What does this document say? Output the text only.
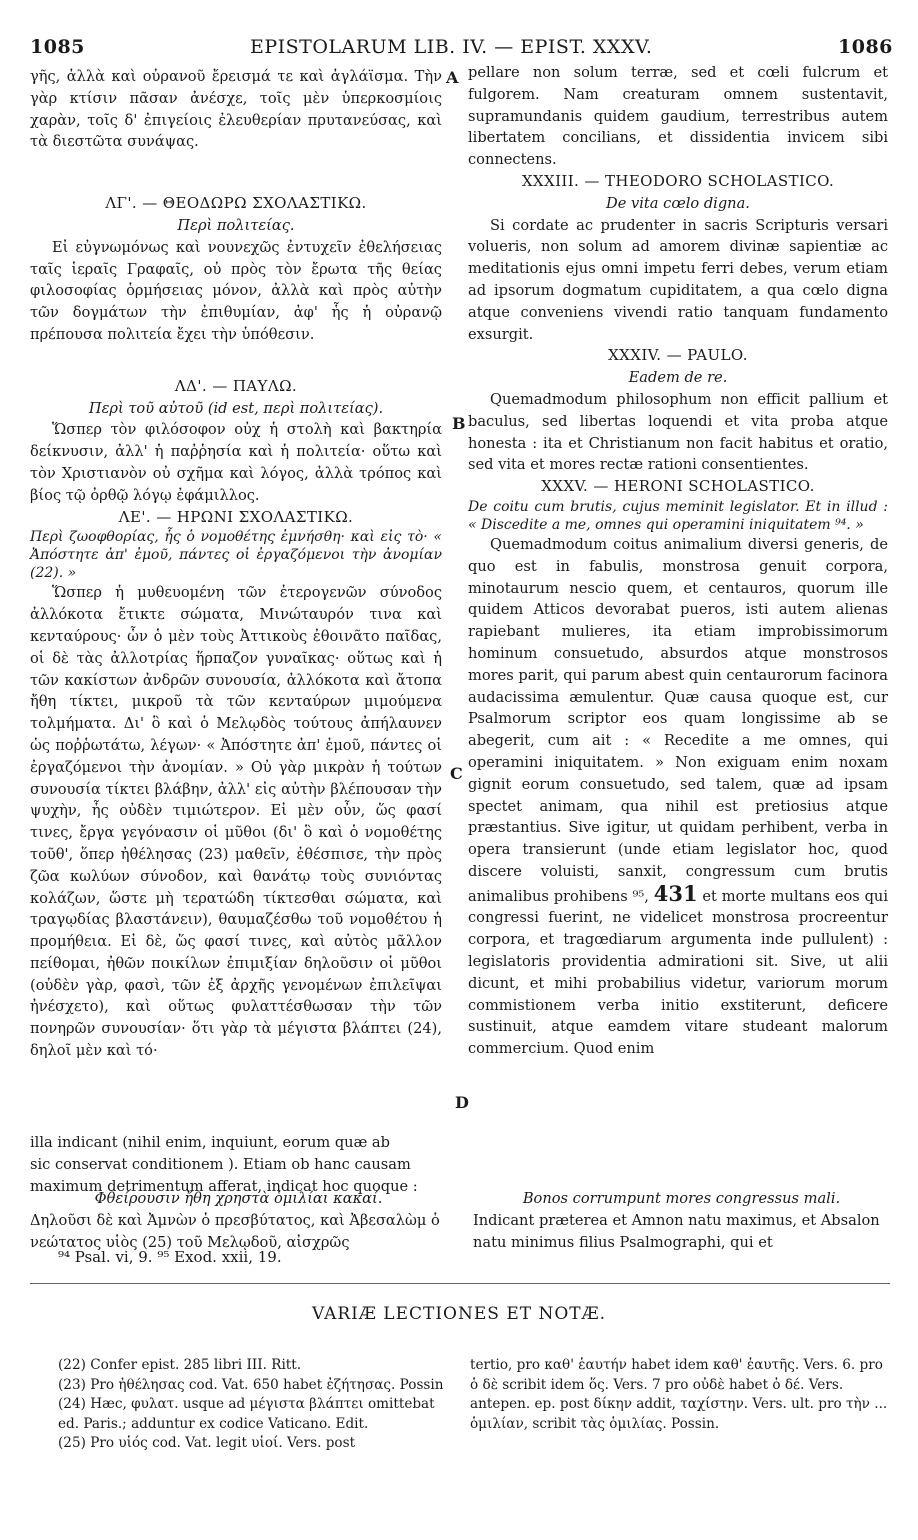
1085	EPISTOLARUM LIB. IV. — EPIST. XXXV.	1086
γῆς, ἀλλὰ καὶ οὐρανοῦ ἔρεισμά τε καὶ ἀγλάϊσμα. Τὴν γὰρ κτίσιν πᾶσαν ἀνέσχε, τοῖς μὲν ὑπερκοσμίοις χαρὰν, τοῖς δ' ἐπιγείοις ἐλευθερίαν πρυτανεύσας, καὶ τὰ διεστῶτα συνάψας.
ΛΓ'. — ΘΕΟΔΩΡΩ ΣΧΟΛΑΣΤΙΚΩ.
Περὶ πολιτείας.
Εἰ εὐγνωμόνως καὶ νουνεχῶς ἐντυχεῖν ἐθελήσειας ταῖς ἱεραῖς Γραφαῖς, οὐ πρὸς τὸν ἔρωτα τῆς θείας φιλοσοφίας ὁρμήσειας μόνον, ἀλλὰ καὶ πρὸς αὐτὴν τῶν δογμάτων τὴν ἐπιθυμίαν, ἀφ' ἧς ἡ οὐρανῷ πρέπουσα πολιτεία ἔχει τὴν ὑπόθεσιν.
ΛΔ'. — ΠΑΥΛΩ.
Περὶ τοῦ αὐτοῦ (id est, περὶ πολιτείας).
Ὥσπερ τὸν φιλόσοφον οὐχ ἡ στολὴ καὶ βακτηρία δείκνυσιν, ἀλλ' ἡ παῤῥησία καὶ ἡ πολιτεία· οὕτω καὶ τὸν Χριστιανὸν οὐ σχῆμα καὶ λόγος, ἀλλὰ τρόπος καὶ βίος τῷ ὀρθῷ λόγῳ ἐφάμιλλος.
ΛΕ'. — ΗΡΩΝΙ ΣΧΟΛΑΣΤΙΚΩ.
Περὶ ζωοφθορίας, ἧς ὁ νομοθέτης ἐμνήσθη· καὶ εἰς τὸ· « Ἀπόστητε ἀπ' ἐμοῦ, πάντες οἱ ἐργαζόμενοι τὴν ἀνομίαν (22). »
Ὥσπερ ἡ μυθευομένη τῶν ἑτερογενῶν σύνοδος ἀλλόκοτα ἔτικτε σώματα, Μινώταυρόν τινα καὶ κενταύρους· ὧν ὁ μὲν τοὺς Ἀττικοὺς ἐθοινᾶτο παῖδας, οἱ δὲ τὰς ἀλλοτρίας ἥρπαζον γυναῖκας· οὕτως καὶ ἡ τῶν κακίστων ἀνδρῶν συνουσία, ἀλλόκοτα καὶ ἄτοπα ἤθη τίκτει, μικροῦ τὰ τῶν κενταύρων μιμούμενα τολμήματα. Δι' ὃ καὶ ὁ Μελῳδὸς τούτους ἀπήλαυνεν ὡς ποῤῥωτάτω, λέγων· « Ἀπόστητε ἀπ' ἐμοῦ, πάντες οἱ ἐργαζόμενοι τὴν ἀνομίαν. » Οὐ γὰρ μικρὰν ἡ τούτων συνουσία τίκτει βλάβην, ἀλλ' εἰς αὐτὴν βλέπουσαν τὴν ψυχὴν, ἧς οὐδὲν τιμιώτερον. Εἰ μὲν οὖν, ὥς φασί τινες, ἔργα γεγόνασιν οἱ μῦθοι (δι' ὃ καὶ ὁ νομοθέτης τοῦθ', ὅπερ ἠθέλησας (23) μαθεῖν, ἐθέσπισε, τὴν πρὸς ζῶα κωλύων σύνοδον, καὶ θανάτῳ τοὺς συνιόντας κολάζων, ὥστε μὴ τερατώδη τίκτεσθαι σώματα, καὶ τραγῳδίας βλαστάνειν), θαυμαζέσθω τοῦ νομοθέτου ἡ προμήθεια. Εἰ δὲ, ὥς φασί τινες, καὶ αὐτὸς μᾶλλον πείθομαι, ἠθῶν ποικίλων ἐπιμιξίαν δηλοῦσιν οἱ μῦθοι (οὐδὲν γὰρ, φασὶ, τῶν ἐξ ἀρχῆς γενομένων ἐπιλεῖψαι ἠνέσχετο), καὶ οὕτως φυλαττέσθωσαν τὴν τῶν πονηρῶν συνουσίαν· ὅτι γὰρ τὰ μέγιστα βλάπτει (24), δηλοῖ μὲν καὶ τό·
pellare non solum terræ, sed et cœli fulcrum et fulgorem. Nam creaturam omnem sustentavit, supramundanis quidem gaudium, terrestribus autem libertatem concilians, et dissidentia invicem sibi connectens.
XXXIII. — THEODORO SCHOLASTICO.
De vita cœlo digna.
Si cordate ac prudenter in sacris Scripturis versari volueris, non solum ad amorem divinæ sapientiæ ac meditationis ejus omni impetu ferri debes, verum etiam ad ipsorum dogmatum cupiditatem, a qua cœlo digna atque conveniens vivendi ratio tanquam fundamento exsurgit.
XXXIV. — PAULO.
Eadem de re.
Quemadmodum philosophum non efficit pallium et baculus, sed libertas loquendi et vita proba atque honesta : ita et Christianum non facit habitus et oratio, sed vita et mores rectæ rationi consentientes.
XXXV. — HERONI SCHOLASTICO.
De coitu cum brutis, cujus meminit legislator. Et in illud : « Discedite a me, omnes qui operamini iniquitatem ⁹⁴. »
Quemadmodum coitus animalium diversi generis, de quo est in fabulis, monstrosa genuit corpora, minotaurum nescio quem, et centauros, quorum ille quidem Atticos devorabat pueros, isti autem alienas rapiebant mulieres, ita etiam improbissimorum hominum consuetudo, absurdos atque monstrosos mores parit, qui parum abest quin centaurorum facinora audacissima æmulentur. Quæ causa quoque est, cur Psalmorum scriptor eos quam longissime ab se abegerit, cum ait : « Recedite a me omnes, qui operamini iniquitatem. » Non exiguam enim noxam gignit eorum consuetudo, sed talem, quæ ad ipsam spectet animam, qua nihil est pretiosius atque præstantius. Sive igitur, ut quidam perhibent, verba in opera transierunt (unde etiam legislator hoc, quod discere voluisti, sanxit, congressum cum brutis animalibus prohibens ⁹⁵, 431 et morte multans eos qui congressi fuerint, ne videlicet monstrosa procreentur corpora, et tragœdiarum argumenta inde pullulent) : legislatoris providentia admirationi sit. Sive, ut alii dicunt, et mihi probabilius videtur, variorum morum commistionem verba initio exstiterunt, deficere sustinuit, atque eamdem vitare studeant malorum commercium. Quod enim
A
B
C
D
illa indicant (nihil enim, inquiunt, eorum quæ ab
sic conservat conditionem ). Etiam ob hanc causam
maximum detrimentum afferat, indicat hoc quoque :
Φθείρουσιν ἤθη χρηστὰ ὁμιλίαι κακαί.
Δηλοῦσι δὲ καὶ Ἀμνὼν ὁ πρεσβύτατος, καὶ Ἀβεσαλὼμ ὁ νεώτατος υἱὸς (25) τοῦ Μελῳδοῦ, αἰσχρῶς
Bonos corrumpunt mores congressus mali.
Indicant præterea et Amnon natu maximus, et Absalon natu minimus filius Psalmographi, qui et
⁹⁴ Psal. vi, 9. ⁹⁵ Exod. xxii, 19.
VARIÆ LECTIONES ET NOTÆ.
(22) Confer epist. 285 libri III. Ritt.
(23) Pro ἠθέλησας cod. Vat. 650 habet ἐζήτησας. Possin
(24) Hæc, φυλατ. usque ad μέγιστα βλάπτει omittebat ed. Paris.; adduntur ex codice Vaticano. Edit.
(25) Pro υἱός cod. Vat. legit υἱοί. Vers. post
tertio, pro καθ' ἑαυτήν habet idem καθ' ἑαυτῆς. Vers. 6. pro ὁ δὲ scribit idem ὅς. Vers. 7 pro οὐδὲ habet ὁ δέ. Vers. antepen. ep. post δίκην addit, ταχίστην. Vers. ult. pro τὴν ... ὁμιλίαν, scribit τὰς ὁμιλίας. Possin.
